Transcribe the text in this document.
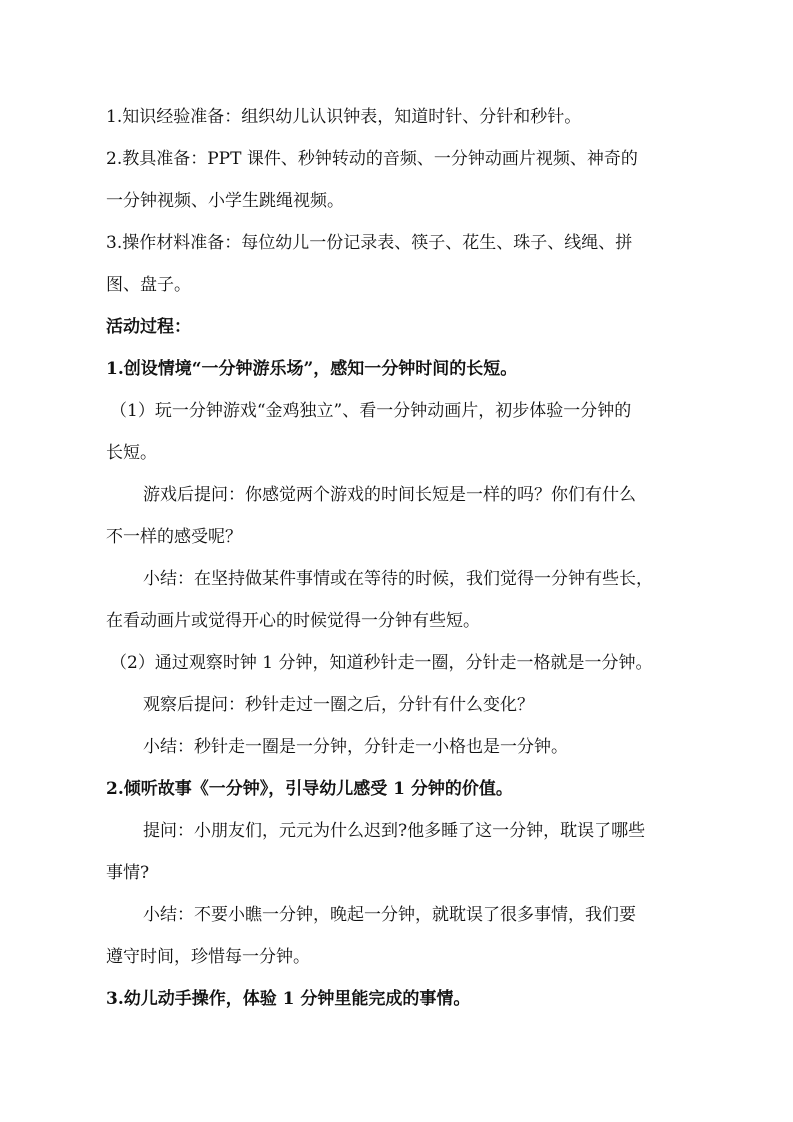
1.知识经验准备：组织幼儿认识钟表，知道时针、分针和秒针。
2.教具准备：PPT 课件、秒钟转动的音频、一分钟动画片视频、神奇的
一分钟视频、小学生跳绳视频。
3.操作材料准备：每位幼儿一份记录表、筷子、花生、珠子、线绳、拼
图、盘子。
活动过程：
1.创设情境“一分钟游乐场”，感知一分钟时间的长短。
（1）玩一分钟游戏“金鸡独立”、看一分钟动画片，初步体验一分钟的
长短。
游戏后提问：你感觉两个游戏的时间长短是一样的吗？你们有什么
不一样的感受呢？
小结：在坚持做某件事情或在等待的时候，我们觉得一分钟有些长，
在看动画片或觉得开心的时候觉得一分钟有些短。
（2）通过观察时钟 1 分钟，知道秒针走一圈，分针走一格就是一分钟。
观察后提问：秒针走过一圈之后，分针有什么变化？
小结：秒针走一圈是一分钟，分针走一小格也是一分钟。
2.倾听故事《一分钟》，引导幼儿感受 1 分钟的价值。
提问：小朋友们，元元为什么迟到?他多睡了这一分钟，耽误了哪些
事情?
小结：不要小瞧一分钟，晚起一分钟，就耽误了很多事情，我们要
遵守时间，珍惜每一分钟。
3.幼儿动手操作，体验 1 分钟里能完成的事情。
